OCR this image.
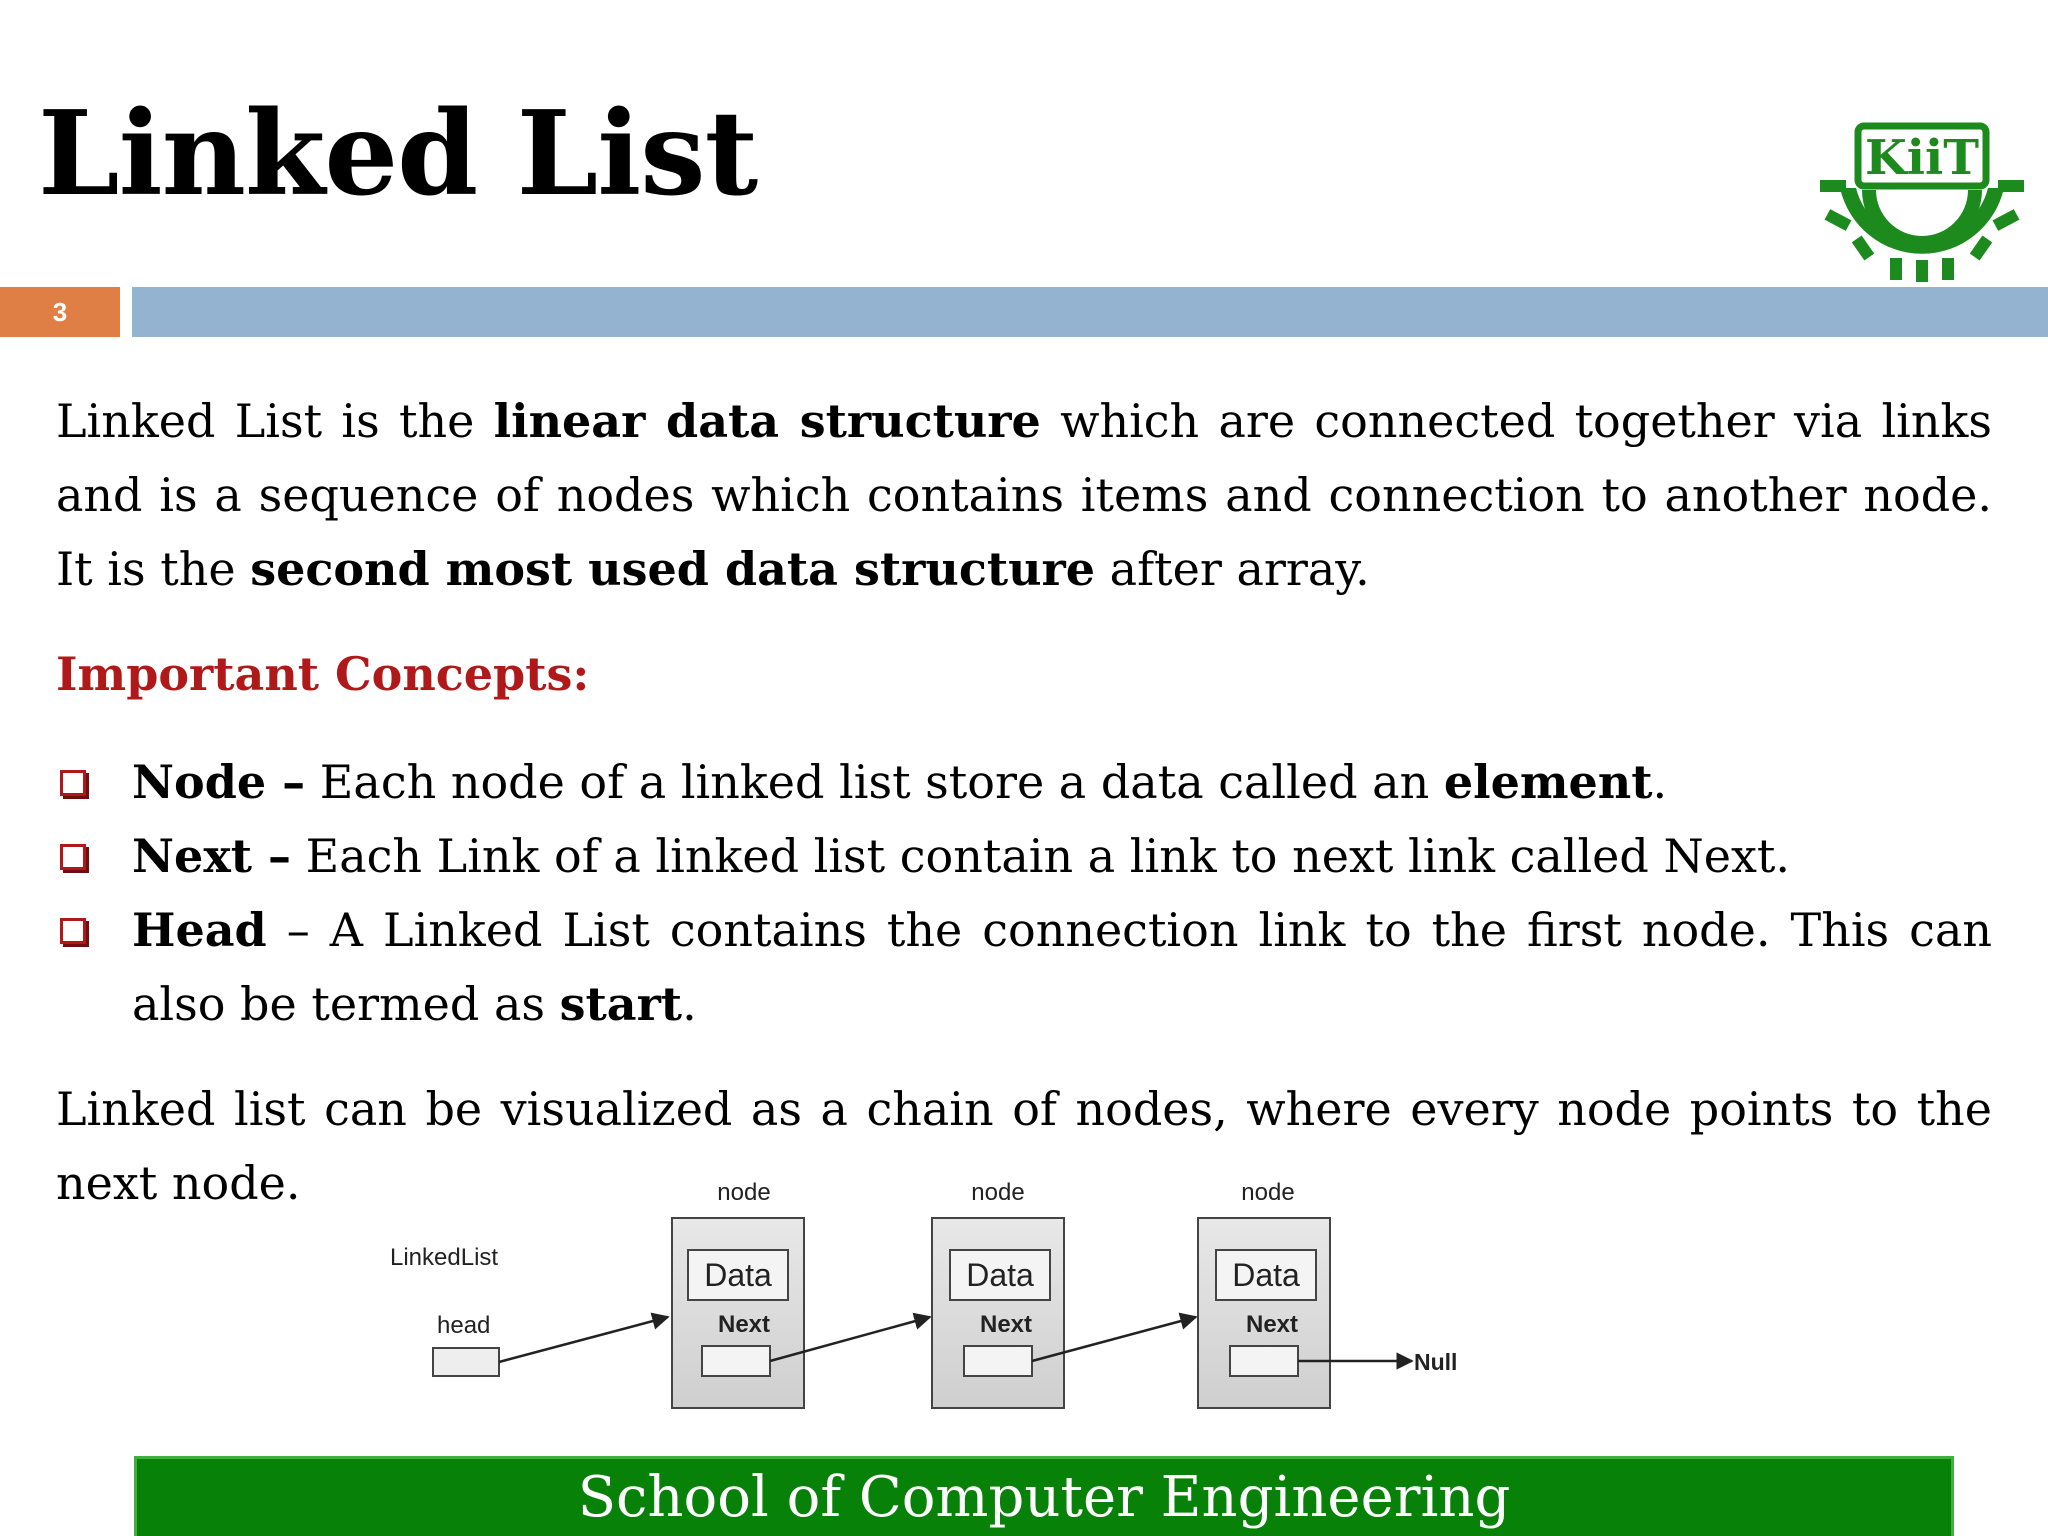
Linked List	KiiT
3

Linked List is the linear data structure which are connected together via links and is a sequence of nodes which contains items and connection to another node. It is the second most used data structure after array.

Important Concepts:
Node – Each node of a linked list store a data called an element.
Next – Each Link of a linked list contain a link to next link called Next.
Head – A Linked List contains the connection link to the first node. This can also be termed as start.

Linked list can be visualized as a chain of nodes, where every node points to the next node.

LinkedList
head
node
Data
Next
node
Data
Next
node
Data
Next
Null
School of Computer Engineering
